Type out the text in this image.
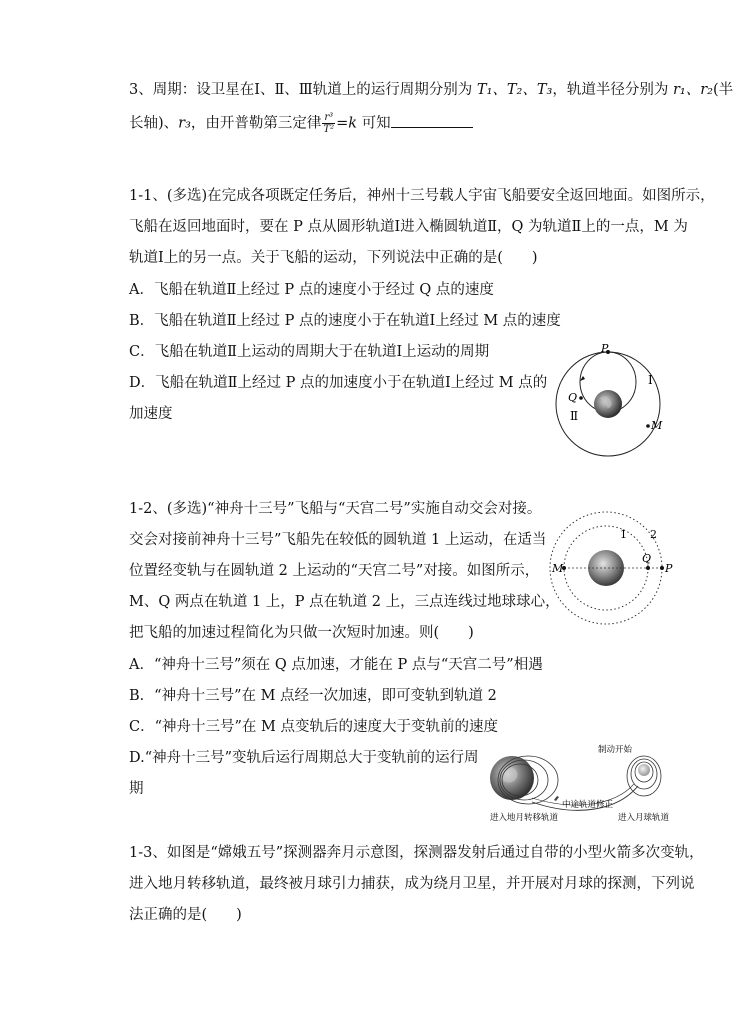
3、周期：设卫星在Ⅰ、Ⅱ、Ⅲ轨道上的运行周期分别为 T₁、T₂、T₃，轨道半径分别为 r₁、r₂(半
长轴)、r₃，由开普勒第三定律 $\frac{\text{r³}}{\text{T²}} =k$ 可知
1-1、(多选)在完成各项既定任务后，神州十三号载人宇宙飞船要安全返回地面。如图所示，
飞船在返回地面时，要在 P 点从圆形轨道Ⅰ进入椭圆轨道Ⅱ，Q 为轨道Ⅱ上的一点，M 为
轨道Ⅰ上的另一点。关于飞船的运动，下列说法中正确的是(　　)
A．飞船在轨道Ⅱ上经过 P 点的速度小于经过 Q 点的速度
B．飞船在轨道Ⅱ上经过 P 点的速度小于在轨道Ⅰ上经过 M 点的速度
C．飞船在轨道Ⅱ上运动的周期大于在轨道Ⅰ上运动的周期
D．飞船在轨道Ⅱ上经过 P 点的加速度小于在轨道Ⅰ上经过 M 点的
加速度
P
Q
Ⅱ
Ⅰ
M
1-2、(多选)“神舟十三号”飞船与“天宫二号”实施自动交会对接。
交会对接前神舟十三号”飞船先在较低的圆轨道 1 上运动，在适当
位置经变轨与在圆轨道 2 上运动的“天宫二号”对接。如图所示，
M、Q 两点在轨道 1 上，P 点在轨道 2 上，三点连线过地球球心，
把飞船的加速过程简化为只做一次短时加速。则(　　)
A．“神舟十三号”须在 Q 点加速，才能在 P 点与“天宫二号”相遇
B．“神舟十三号”在 M 点经一次加速，即可变轨到轨道 2
C．“神舟十三号”在 M 点变轨后的速度大于变轨前的速度
D.“神舟十三号”变轨后运行周期总大于变轨前的运行周
期
M
Q
P
1 2
制动开始
中途轨道修正
进入地月转移轨道	进入月球轨道
1-3、如图是“嫦娥五号”探测器奔月示意图，探测器发射后通过自带的小型火箭多次变轨，
进入地月转移轨道，最终被月球引力捕获，成为绕月卫星，并开展对月球的探测，下列说
法正确的是(　　)
